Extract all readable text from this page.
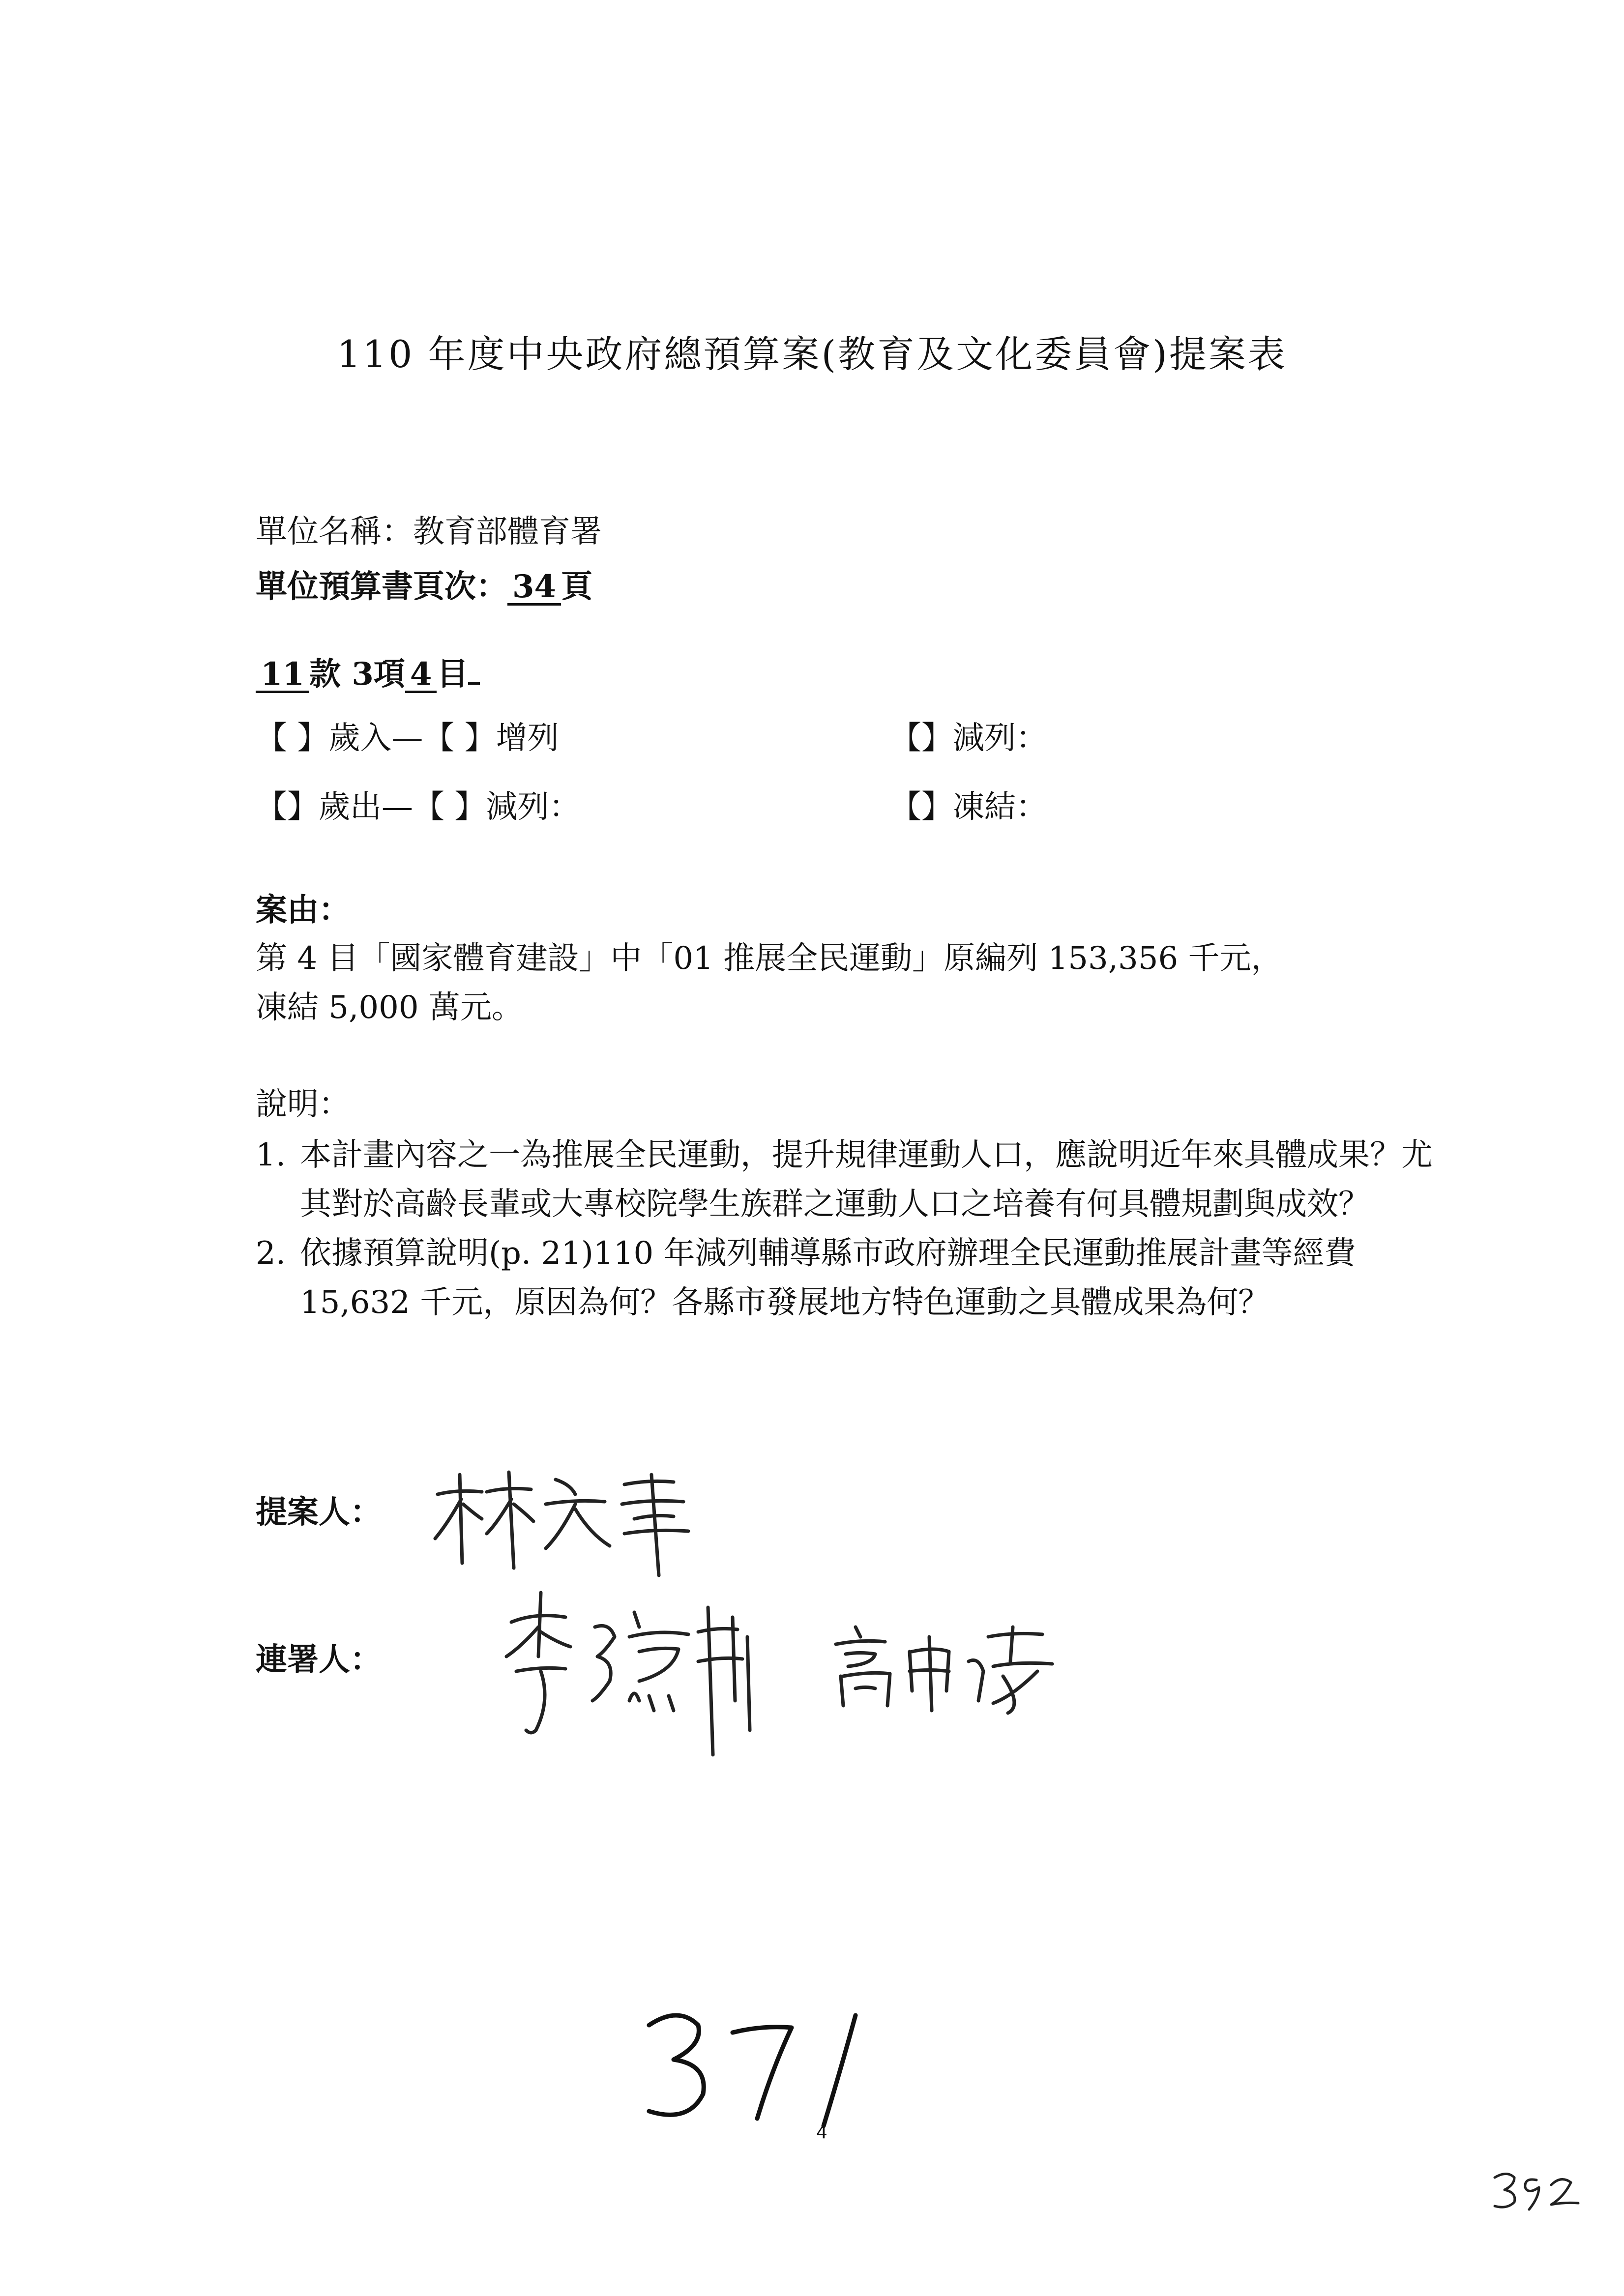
110 年度中央政府總預算案(教育及文化委員會)提案表
單位名稱：教育部體育署
單位預算書頁次： 34 頁
11 款 3項 4 目
【 】歲入—【 】增列	【】減列：
【】歲出—【 】減列：	【】凍結：
案由：
第 4 目「國家體育建設」中「01 推展全民運動」原編列 153,356 千元，
凍結 5,000 萬元。
說明：
1. 本計畫內容之一為推展全民運動，提升規律運動人口，應說明近年來具體成果？尤其對於高齡長輩或大專校院學生族群之運動人口之培養有何具體規劃與成效？
2. 依據預算說明(p. 21)110 年減列輔導縣市政府辦理全民運動推展計畫等經費 15,632 千元，原因為何？各縣市發展地方特色運動之具體成果為何？
提案人：
連署人：
4
